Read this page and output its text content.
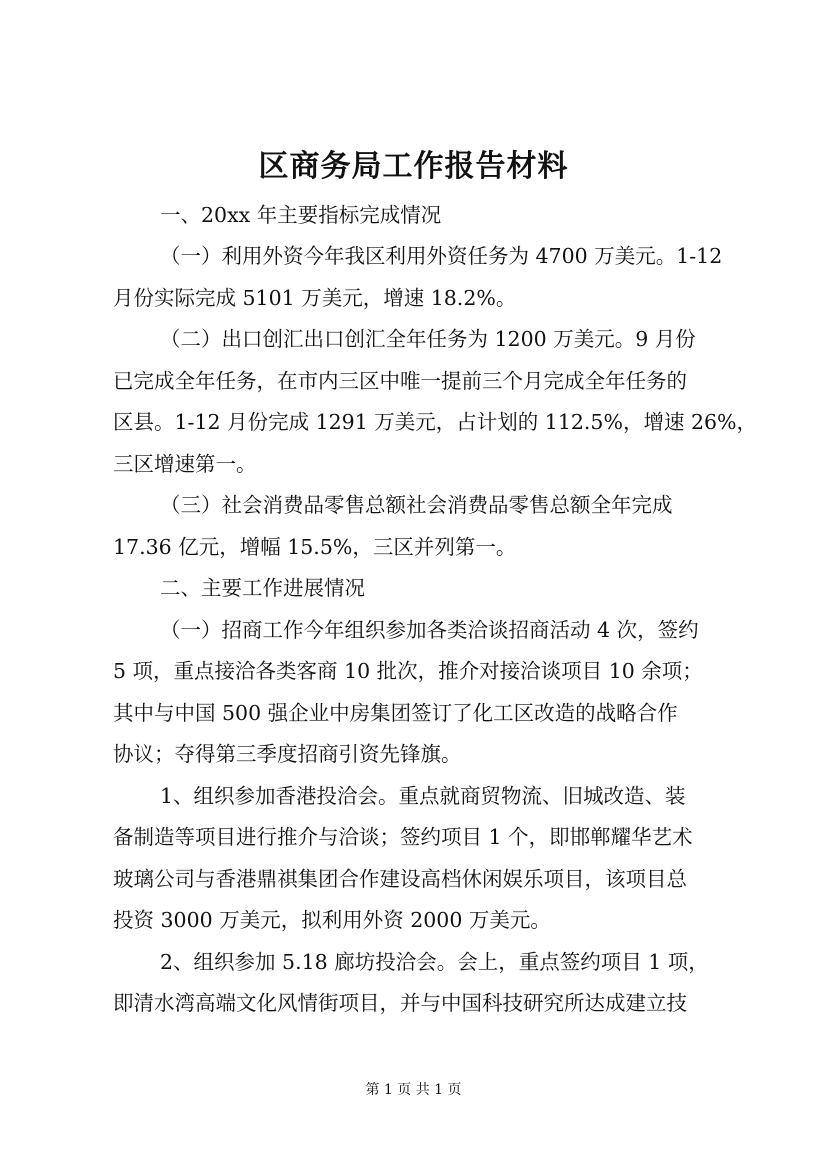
区商务局工作报告材料
一、20xx 年主要指标完成情况
（一）利用外资今年我区利用外资任务为 4700 万美元。1-12
月份实际完成 5101 万美元，增速 18.2%。
（二）出口创汇出口创汇全年任务为 1200 万美元。9 月份
已完成全年任务，在市内三区中唯一提前三个月完成全年任务的
区县。1-12 月份完成 1291 万美元，占计划的 112.5%，增速 26%，
三区增速第一。
（三）社会消费品零售总额社会消费品零售总额全年完成
17.36 亿元，增幅 15.5%，三区并列第一。
二、主要工作进展情况
（一）招商工作今年组织参加各类洽谈招商活动 4 次，签约
5 项，重点接洽各类客商 10 批次，推介对接洽谈项目 10 余项；
其中与中国 500 强企业中房集团签订了化工区改造的战略合作
协议；夺得第三季度招商引资先锋旗。
1、组织参加香港投洽会。重点就商贸物流、旧城改造、装
备制造等项目进行推介与洽谈；签约项目 1 个，即邯郸耀华艺术
玻璃公司与香港鼎祺集团合作建设高档休闲娱乐项目，该项目总
投资 3000 万美元，拟利用外资 2000 万美元。
2、组织参加 5.18 廊坊投洽会。会上，重点签约项目 1 项，
即清水湾高端文化风情街项目，并与中国科技研究所达成建立技
第 1 页 共 1 页
